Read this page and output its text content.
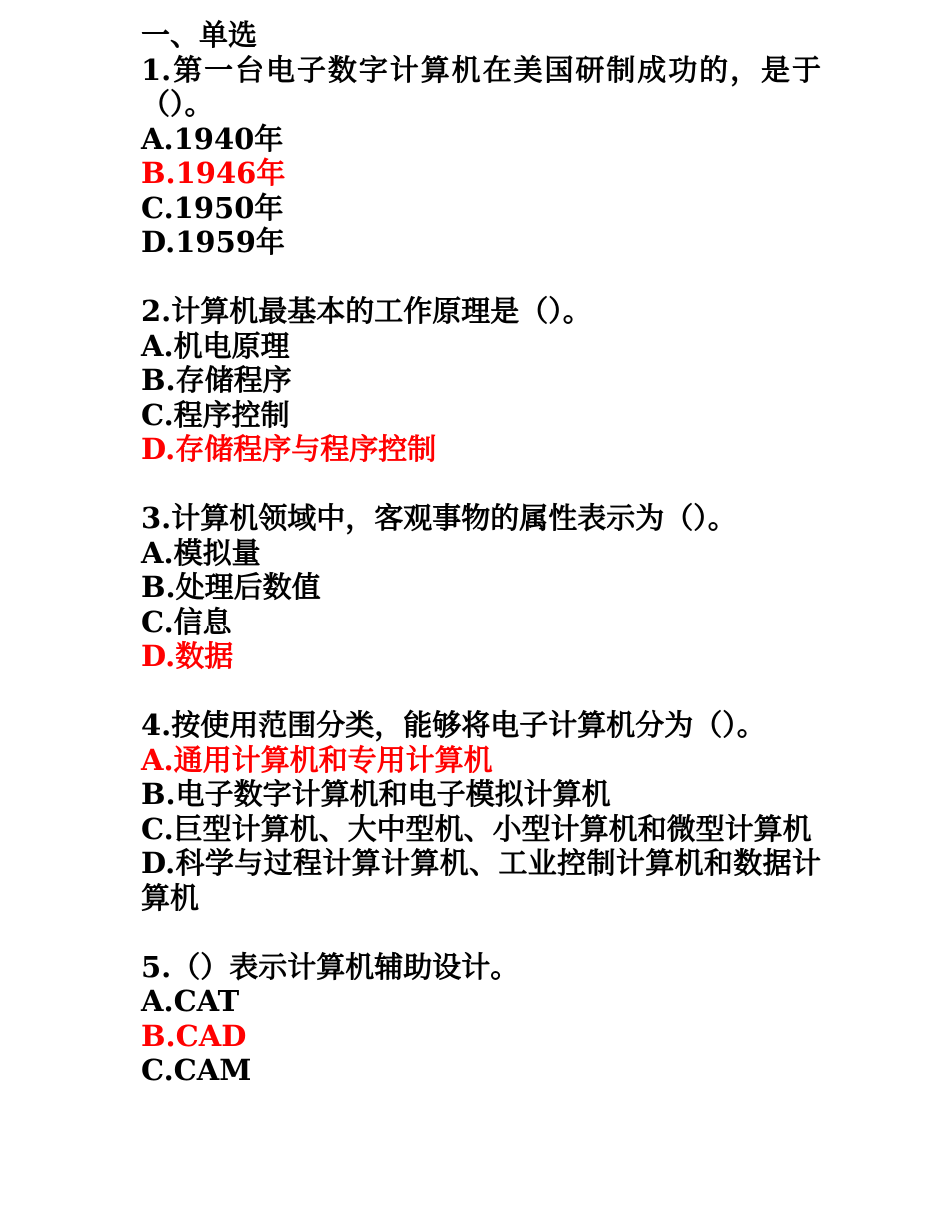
一、单选
1.第一台电子数字计算机在美国研制成功的，是于（）。
A.1940年
B.1946年
C.1950年
D.1959年
2.计算机最基本的工作原理是（）。
A.机电原理
B.存储程序
C.程序控制
D.存储程序与程序控制
3.计算机领域中，客观事物的属性表示为（）。
A.模拟量
B.处理后数值
C.信息
D.数据
4.按使用范围分类，能够将电子计算机分为（）。
A.通用计算机和专用计算机
B.电子数字计算机和电子模拟计算机
C.巨型计算机、大中型机、小型计算机和微型计算机
D.科学与过程计算计算机、工业控制计算机和数据计算机
5.（）表示计算机辅助设计。
A.CAT
B.CAD
C.CAM
